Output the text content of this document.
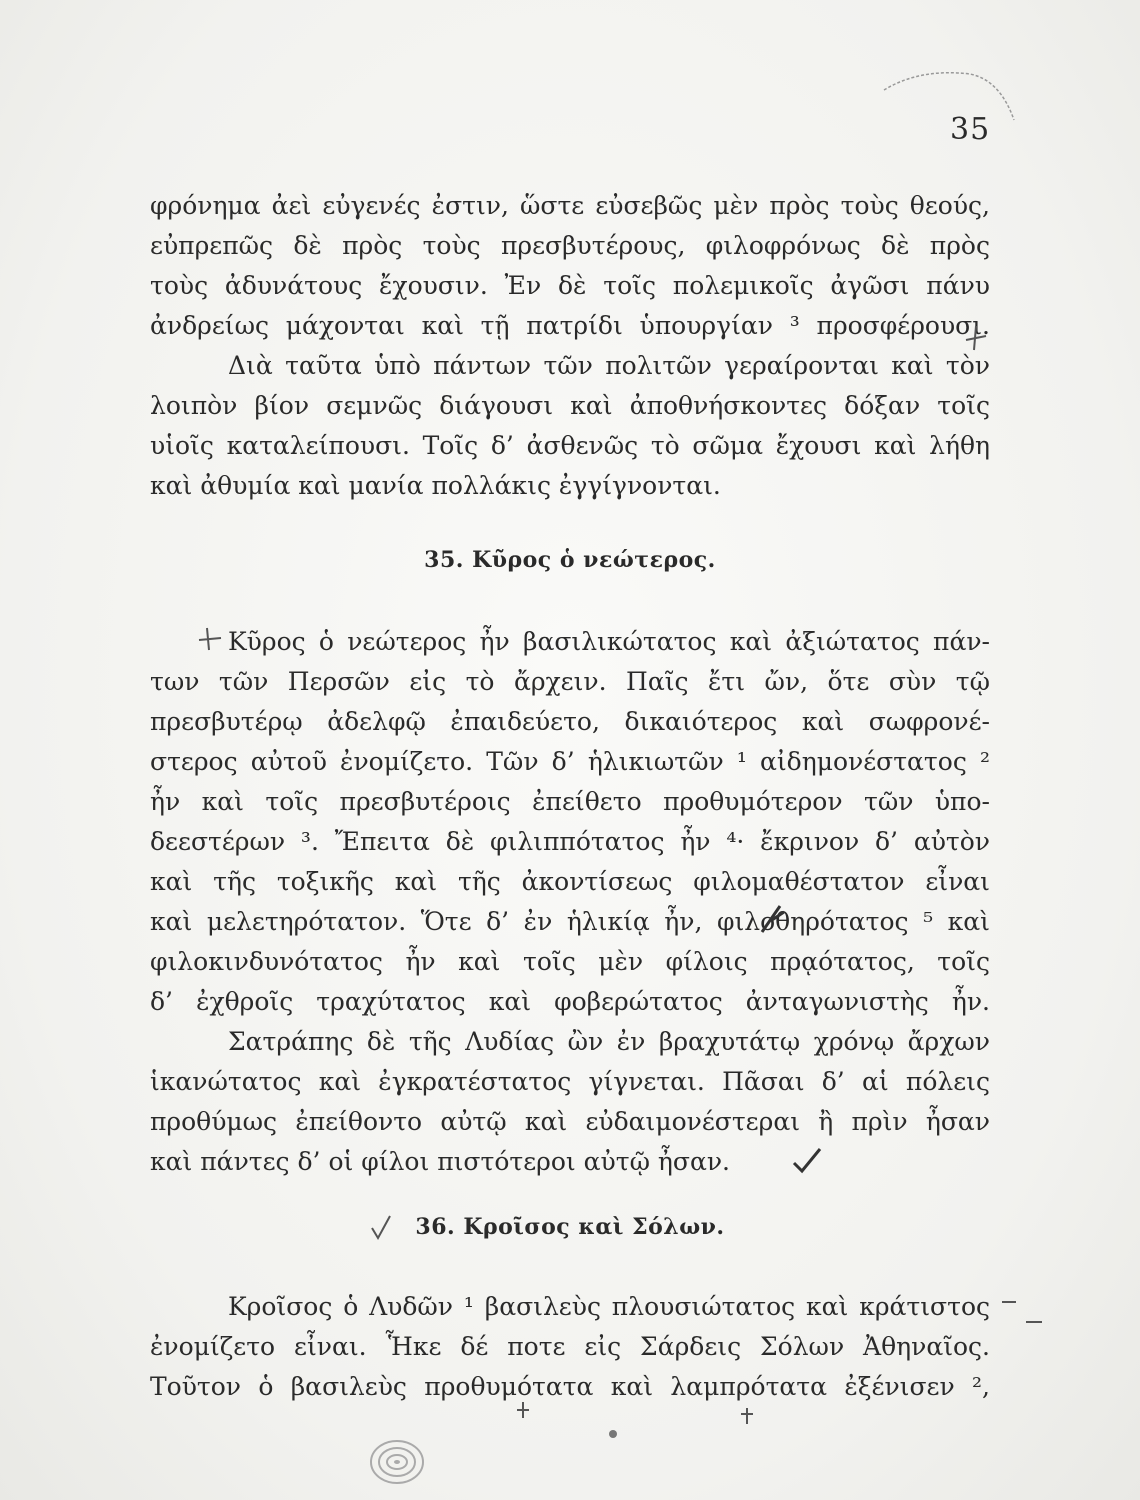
35
φρόνημα ἀεὶ εὐγενές ἐστιν, ὥστε εὐσεβῶς μὲν πρὸς τοὺς θεούς,
εὐπρεπῶς δὲ πρὸς τοὺς πρεσβυτέρους, φιλοφρόνως δὲ πρὸς
τοὺς ἀδυνάτους ἔχουσιν. Ἐν δὲ τοῖς πολεμικοῖς ἀγῶσι πάνυ
ἀνδρείως μάχονται καὶ τῇ πατρίδι ὑπουργίαν ³ προσφέρουσι.
Διὰ ταῦτα ὑπὸ πάντων τῶν πολιτῶν γεραίρονται καὶ τὸν
λοιπὸν βίον σεμνῶς διάγουσι καὶ ἀποθνήσκοντες δόξαν τοῖς
υἱοῖς καταλείπουσι. Τοῖς δ’ ἀσθενῶς τὸ σῶμα ἔχουσι καὶ λήθη
καὶ ἀθυμία καὶ μανία πολλάκις ἐγγίγνονται.
35. Κῦρος ὁ νεώτερος.
Κῦρος ὁ νεώτερος ἦν βασιλικώτατος καὶ ἀξιώτατος πάν-
των τῶν Περσῶν εἰς τὸ ἄρχειν. Παῖς ἔτι ὤν, ὅτε σὺν τῷ
πρεσβυτέρῳ ἀδελφῷ ἐπαιδεύετο, δικαιότερος καὶ σωφρονέ-
στερος αὐτοῦ ἐνομίζετο. Τῶν δ’ ἡλικιωτῶν ¹ αἰδημονέστατος ²
ἦν καὶ τοῖς πρεσβυτέροις ἐπείθετο προθυμότερον τῶν ὑπο-
δεεστέρων ³. Ἔπειτα δὲ φιλιππότατος ἦν ⁴· ἔκρινον δ’ αὐτὸν
καὶ τῆς τοξικῆς καὶ τῆς ἀκοντίσεως φιλομαθέστατον εἶναι
καὶ μελετηρότατον. Ὅτε δ’ ἐν ἡλικίᾳ ἦν, φιλοθηρότατος ⁵ καὶ
φιλοκινδυνότατος ἦν καὶ τοῖς μὲν φίλοις πρᾳότατος, τοῖς
δ’ ἐχθροῖς τραχύτατος καὶ φοβερώτατος ἀνταγωνιστὴς ἦν.
Σατράπης δὲ τῆς Λυδίας ὢν ἐν βραχυτάτῳ χρόνῳ ἄρχων
ἱκανώτατος καὶ ἐγκρατέστατος γίγνεται. Πᾶσαι δ’ αἱ πόλεις
προθύμως ἐπείθοντο αὐτῷ καὶ εὐδαιμονέστεραι ἢ πρὶν ἦσαν
καὶ πάντες δ’ οἱ φίλοι πιστότεροι αὐτῷ ἦσαν.
36. Κροῖσος καὶ Σόλων.
Κροῖσος ὁ Λυδῶν ¹ βασιλεὺς πλουσιώτατος καὶ κράτιστος
ἐνομίζετο εἶναι. Ἧκε δέ ποτε εἰς Σάρδεις Σόλων Ἀθηναῖος.
Τοῦτον ὁ βασιλεὺς προθυμότατα καὶ λαμπρότατα ἐξένισεν ²,
